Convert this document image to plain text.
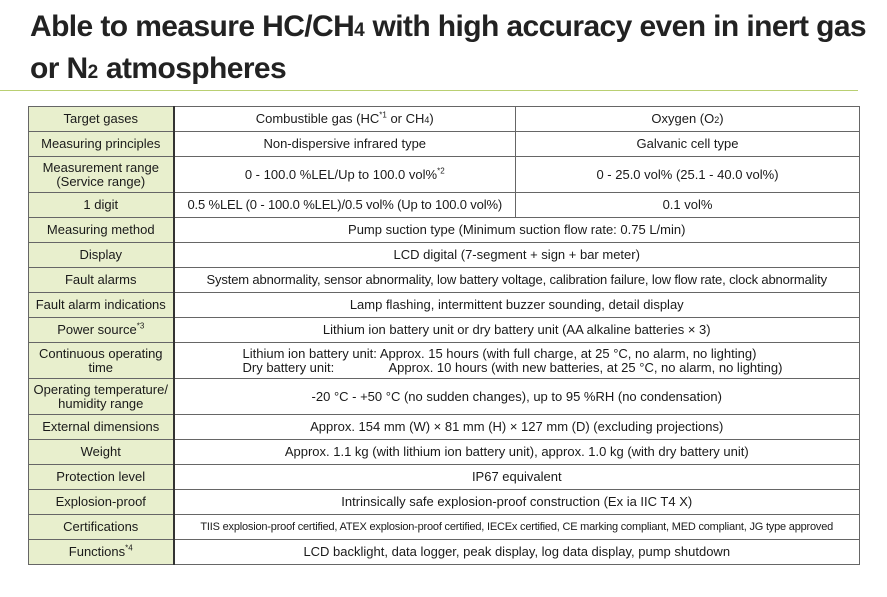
Able to measure HC/CH4 with high accuracy even in inert gas or N2 atmospheres
Target gases	Combustible gas (HC$^{*1}$ or CH4)	Oxygen (O2)
Measuring principles	Non-dispersive infrared type	Galvanic cell type

Measurement range
(Service range)	0 - 100.0 %LEL/Up to 100.0 vol%$^{*2}$	0 - 25.0 vol% (25.1 - 40.0 vol%)
1 digit	0.5 %LEL (0 - 100.0 %LEL)/0.5 vol% (Up to 100.0 vol%)	0.1 vol%
Measuring method	Pump suction type (Minimum suction flow rate: 0.75 L/min)	
Display	LCD digital (7-segment + sign + bar meter)	
Fault alarms	System abnormality, sensor abnormality, low battery voltage, calibration failure, low flow rate, clock abnormality	
Fault alarm indications	Lamp flashing, intermittent buzzer sounding, detail display	
Power source$^{*3}$	Lithium ion battery unit or dry battery unit (AA alkaline batteries × 3)	

Continuous operating
time	Lithium ion battery unit: Approx. 15 hours (with full charge, at 25 °C, no alarm, no lighting)
Dry battery unit: Approx. 10 hours (with new batteries, at 25 °C, no alarm, no lighting)	

Operating temperature/
humidity range	-20 °C - +50 °C (no sudden changes), up to 95 %RH (no condensation)	
External dimensions	Approx. 154 mm (W) × 81 mm (H) × 127 mm (D) (excluding projections)	
Weight	Approx. 1.1 kg (with lithium ion battery unit), approx. 1.0 kg (with dry battery unit)	
Protection level	IP67 equivalent	
Explosion-proof	Intrinsically safe explosion-proof construction (Ex ia IIC T4 X)	
Certifications	TIIS explosion-proof certified, ATEX explosion-proof certified, IECEx certified, CE marking compliant, MED compliant, JG type approved	
Functions$^{*4}$	LCD backlight, data logger, peak display, log data display, pump shutdown	
